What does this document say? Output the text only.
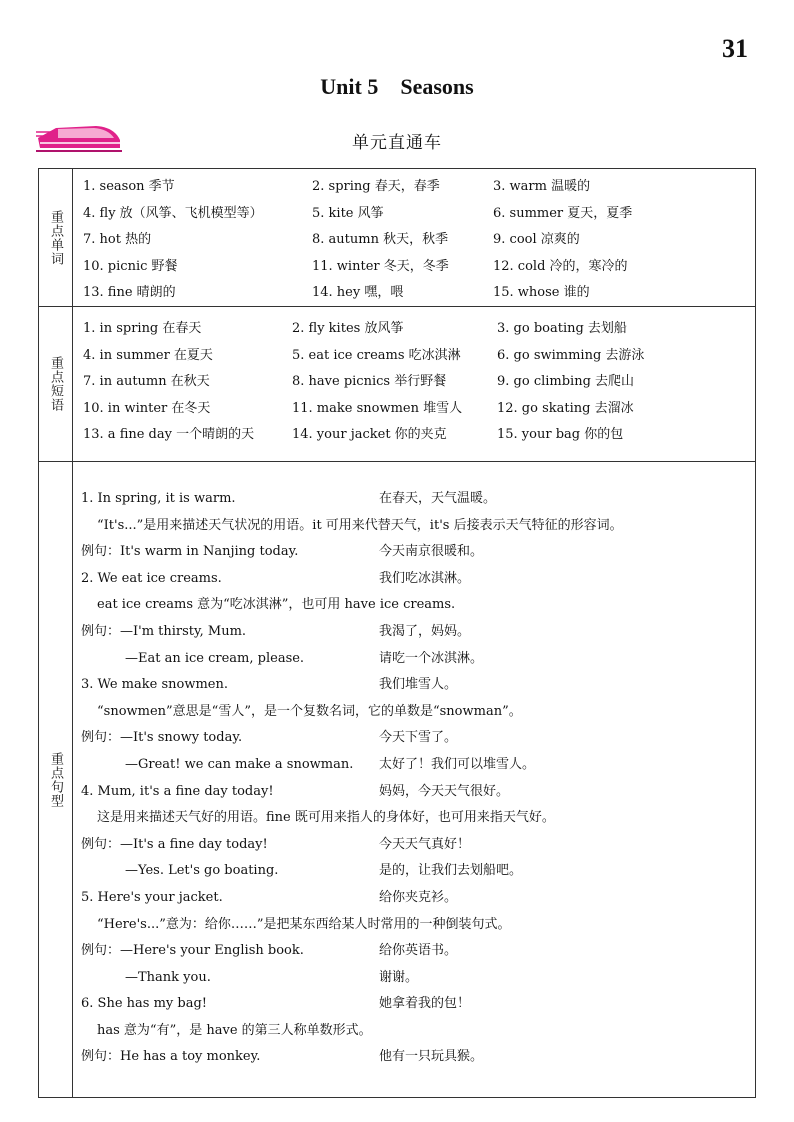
31
Unit 5    Seasons
单元直通车
重点单词
1. season 季节	2. spring 春天，春季	3. warm 温暖的
4. fly 放（风筝、飞机模型等）	5. kite 风筝	6. summer 夏天，夏季
7. hot 热的	8. autumn 秋天，秋季	9. cool 凉爽的
10. picnic 野餐	11. winter 冬天，冬季	12. cold 冷的，寒冷的
13. fine 晴朗的	14. hey 嘿，喂	15. whose 谁的
重点短语
1. in spring 在春天	2. fly kites 放风筝	3. go boating 去划船
4. in summer 在夏天	5. eat ice creams 吃冰淇淋	6. go swimming 去游泳
7. in autumn 在秋天	8. have picnics 举行野餐	9. go climbing 去爬山
10. in winter 在冬天	11. make snowmen 堆雪人	12. go skating 去溜冰
13. a fine day 一个晴朗的天	14. your jacket 你的夹克	15. your bag 你的包
重点句型
1. In spring, it is warm.	在春天，天气温暖。
“It's...”是用来描述天气状况的用语。it 可用来代替天气，it's 后接表示天气特征的形容词。
例句：It's warm in Nanjing today.	今天南京很暖和。
2. We eat ice creams.	我们吃冰淇淋。
eat ice creams 意为“吃冰淇淋”，也可用 have ice creams.
例句：—I'm thirsty, Mum.	我渴了，妈妈。
—Eat an ice cream, please.	请吃一个冰淇淋。
3. We make snowmen.	我们堆雪人。
“snowmen”意思是“雪人”，是一个复数名词，它的单数是“snowman”。
例句：—It's snowy today.	今天下雪了。
—Great! we can make a snowman. 太好了！我们可以堆雪人。
4. Mum, it's a fine day today!	妈妈，今天天气很好。
这是用来描述天气好的用语。fine 既可用来指人的身体好，也可用来指天气好。
例句：—It's a fine day today!	今天天气真好！
—Yes. Let's go boating.	是的，让我们去划船吧。
5. Here's your jacket.	给你夹克衫。
“Here's...”意为：给你……”是把某东西给某人时常用的一种倒装句式。
例句：—Here's your English book.	给你英语书。
—Thank you.	谢谢。
6. She has my bag!	她拿着我的包！
has 意为“有”，是 have 的第三人称单数形式。
例句：He has a toy monkey.	他有一只玩具猴。
